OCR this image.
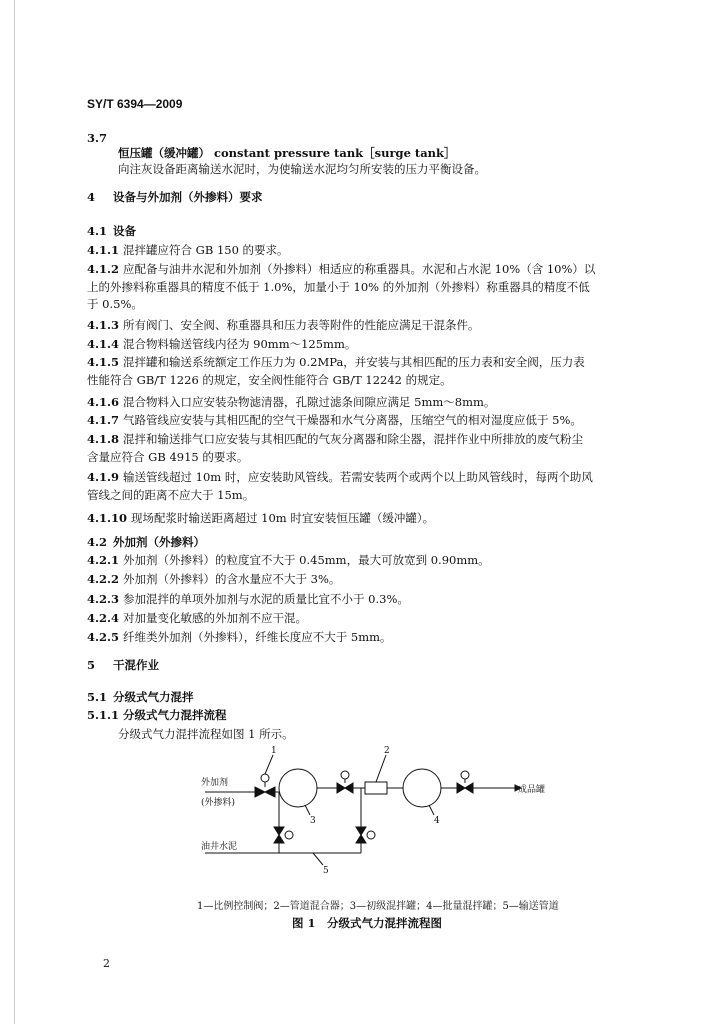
SY/T 6394—2009
3.7
恒压罐（缓冲罐） constant pressure tank［surge tank］
向注灰设备距离输送水泥时，为使输送水泥均匀所安装的压力平衡设备。
4 设备与外加剂（外掺料）要求
4.1 设备
4.1.1 混拌罐应符合 GB 150 的要求。
4.1.2 应配备与油井水泥和外加剂（外掺料）相适应的称重器具。水泥和占水泥 10%（含 10%）以
上的外掺料称重器具的精度不低于 1.0%，加量小于 10% 的外加剂（外掺料）称重器具的精度不低
于 0.5%。
4.1.3 所有阀门、安全阀、称重器具和压力表等附件的性能应满足干混条件。
4.1.4 混合物料输送管线内径为 90mm～125mm。
4.1.5 混拌罐和输送系统额定工作压力为 0.2MPa，并安装与其相匹配的压力表和安全阀，压力表
性能符合 GB/T 1226 的规定，安全阀性能符合 GB/T 12242 的规定。
4.1.6 混合物料入口应安装杂物滤清器，孔隙过滤条间隙应满足 5mm～8mm。
4.1.7 气路管线应安装与其相匹配的空气干燥器和水气分离器，压缩空气的相对湿度应低于 5%。
4.1.8 混拌和输送排气口应安装与其相匹配的气灰分离器和除尘器，混拌作业中所排放的废气粉尘
含量应符合 GB 4915 的要求。
4.1.9 输送管线超过 10m 时，应安装助风管线。若需安装两个或两个以上助风管线时，每两个助风
管线之间的距离不应大于 15m。
4.1.10 现场配浆时输送距离超过 10m 时宜安装恒压罐（缓冲罐）。
4.2 外加剂（外掺料）
4.2.1 外加剂（外掺料）的粒度宜不大于 0.45mm，最大可放宽到 0.90mm。
4.2.2 外加剂（外掺料）的含水量应不大于 3%。
4.2.3 参加混拌的单项外加剂与水泥的质量比宜不小于 0.3%。
4.2.4 对加量变化敏感的外加剂不应干混。
4.2.5 纤维类外加剂（外掺料），纤维长度应不大于 5mm。
5 干混作业
5.1 分级式气力混拌
5.1.1 分级式气力混拌流程
分级式气力混拌流程如图 1 所示。
外加剂
(外掺料)
油井水泥
成品罐
1	2
3	4
5
1—比例控制阀；2—管道混合器；3—初级混拌罐；4—批量混拌罐；5—输送管道
图 1　分级式气力混拌流程图
2
